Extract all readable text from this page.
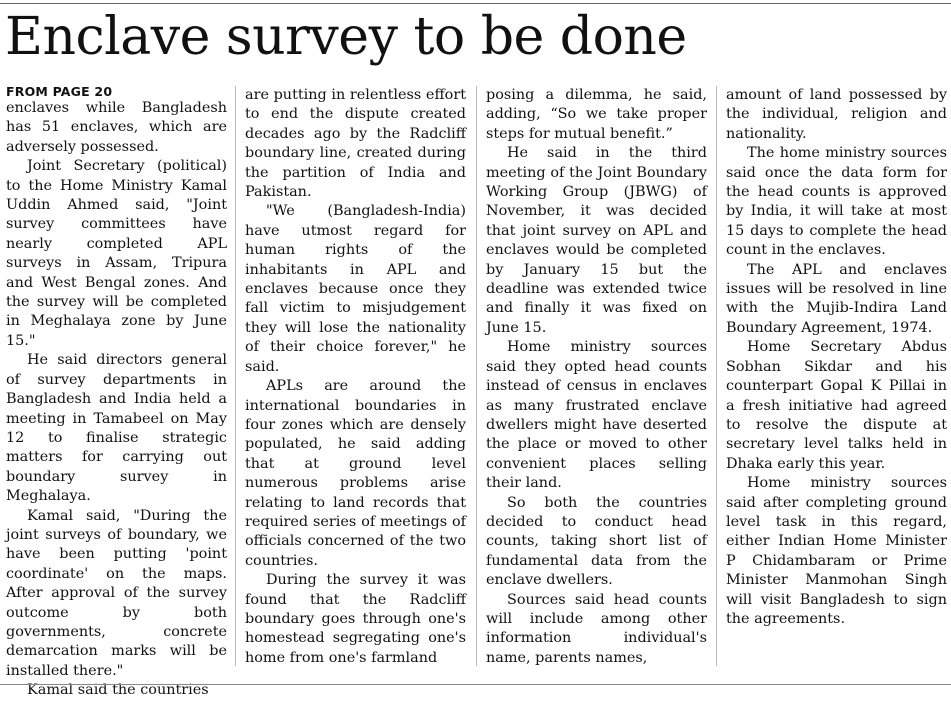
Enclave survey to be done
FROM PAGE 20

enclaves while Bangladesh has 51 enclaves, which are adversely possessed.

Joint Secretary (political) to the Home Ministry Kamal Uddin Ahmed said, "Joint survey committees have nearly completed APL surveys in Assam, Tripura and West Bengal zones. And the survey will be completed in Meghalaya zone by June 15."

He said directors general of survey departments in Bangladesh and India held a meeting in Tamabeel on May 12 to finalise strategic matters for carrying out boundary survey in Meghalaya.

Kamal said, "During the joint surveys of boundary, we have been putting 'point coordinate' on the maps. After approval of the survey outcome by both governments, concrete demarcation marks will be installed there."

Kamal said the countries

are putting in relentless effort to end the dispute created decades ago by the Radcliff boundary line, created during the partition of India and Pakistan.

"We (Bangladesh-India) have utmost regard for human rights of the inhabitants in APL and enclaves because once they fall victim to misjudgement they will lose the nationality of their choice forever," he said.

APLs are around the international boundaries in four zones which are densely populated, he said adding that at ground level numerous problems arise relating to land records that required series of meetings of officials concerned of the two countries.

During the survey it was found that the Radcliff boundary goes through one's homestead segregating one's home from one's farmland

posing a dilemma, he said, adding, “So we take proper steps for mutual benefit.”

He said in the third meeting of the Joint Boundary Working Group (JBWG) of November, it was decided that joint survey on APL and enclaves would be completed by January 15 but the deadline was extended twice and finally it was fixed on June 15.

Home ministry sources said they opted head counts instead of census in enclaves as many frustrated enclave dwellers might have deserted the place or moved to other convenient places selling their land.

So both the countries decided to conduct head counts, taking short list of fundamental data from the enclave dwellers.

Sources said head counts will include among other information individual's name, parents names,

amount of land possessed by the individual, religion and nationality.

The home ministry sources said once the data form for the head counts is approved by India, it will take at most 15 days to complete the head count in the enclaves.

The APL and enclaves issues will be resolved in line with the Mujib-Indira Land Boundary Agreement, 1974.

Home Secretary Abdus Sobhan Sikdar and his counterpart Gopal K Pillai in a fresh initiative had agreed to resolve the dispute at secretary level talks held in Dhaka early this year.

Home ministry sources said after completing ground level task in this regard, either Indian Home Minister P Chidambaram or Prime Minister Manmohan Singh will visit Bangladesh to sign the agreements.
